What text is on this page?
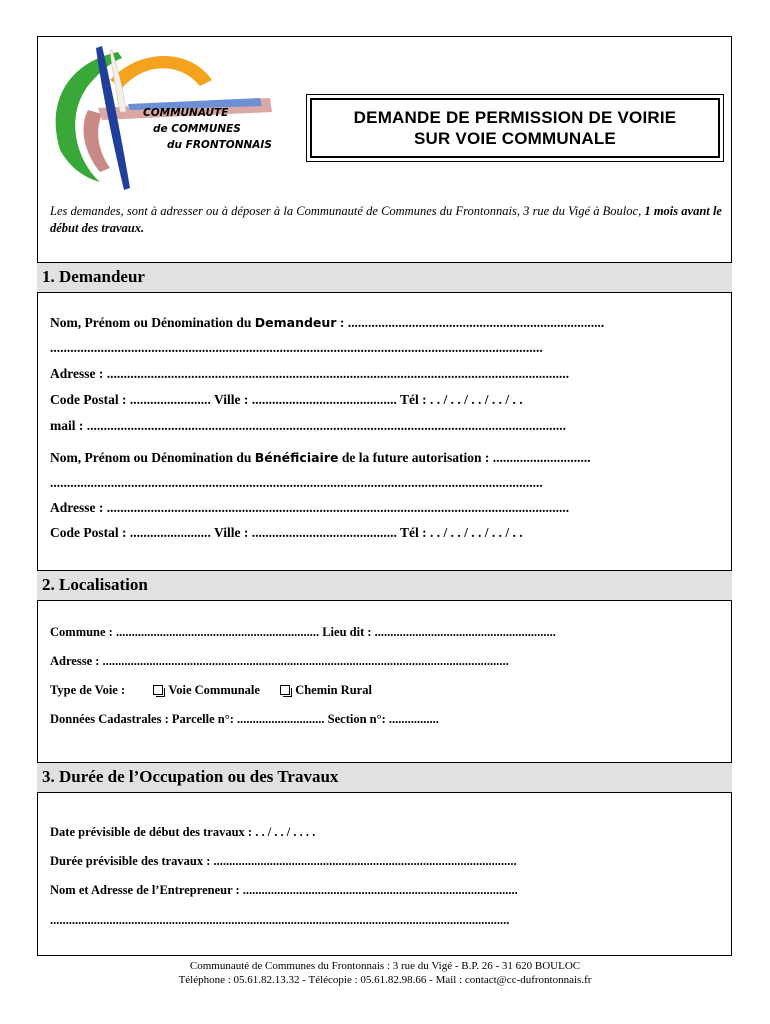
COMMUNAUTE
de COMMUNES
du FRONTONNAIS
DEMANDE DE PERMISSION DE VOIRIE
SUR VOIE COMMUNALE
Les demandes, sont à adresser ou à déposer à la Communauté de Communes du Frontonnais, 3 rue du Vigé à Bouloc, 1 mois avant le début des travaux.
1. Demandeur
Nom, Prénom ou Dénomination du Demandeur : ............................................................................
..................................................................................................................................................
Adresse : .........................................................................................................................................
Code Postal : ........................ Ville : ........................................... Tél : . . / . . / . . / . . / . .
mail : ..............................................................................................................................................
Nom, Prénom ou Dénomination du Bénéficiaire de la future autorisation : .............................
..................................................................................................................................................
Adresse : .........................................................................................................................................
Code Postal : ........................ Ville : ........................................... Tél : . . / . . / . . / . . / . .
2. Localisation
Commune : ................................................................. Lieu dit : ..........................................................
Adresse : ..................................................................................................................................
Type de Voie :	Voie Communale	Chemin Rural
Données Cadastrales : Parcelle n°: ............................ Section n°: ................
3. Durée de l’Occupation ou des Travaux
Date prévisible de début des travaux : . . / . . / . . . .
Durée prévisible des travaux : .................................................................................................
Nom et Adresse de l’Entrepreneur : ........................................................................................
...................................................................................................................................................
Communauté de Communes du Frontonnais : 3 rue du Vigé - B.P. 26 - 31 620 BOULOC
Téléphone : 05.61.82.13.32 - Télécopie : 05.61.82.98.66 - Mail : contact@cc-dufrontonnais.fr
